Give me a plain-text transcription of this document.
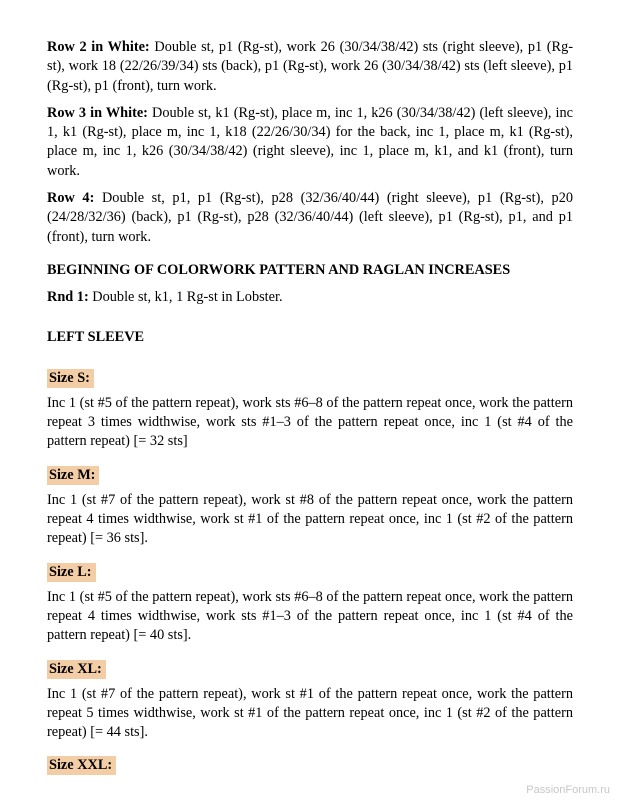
Row 2 in White: Double st, p1 (Rg-st), work 26 (30/34/38/42) sts (right sleeve), p1 (Rg-st), work 18 (22/26/39/34) sts (back), p1 (Rg-st), work 26 (30/34/38/42) sts (left sleeve), p1 (Rg-st), p1 (front), turn work.

Row 3 in White: Double st, k1 (Rg-st), place m, inc 1, k26 (30/34/38/42) (left sleeve), inc 1, k1 (Rg-st), place m, inc 1, k18 (22/26/30/34) for the back, inc 1, place m, k1 (Rg-st), place m, inc 1, k26 (30/34/38/42) (right sleeve), inc 1, place m, k1, and k1 (front), turn work.

Row 4: Double st, p1, p1 (Rg-st), p28 (32/36/40/44) (right sleeve), p1 (Rg-st), p20 (24/28/32/36) (back), p1 (Rg-st), p28 (32/36/40/44) (left sleeve), p1 (Rg-st), p1, and p1 (front), turn work.

BEGINNING OF COLORWORK PATTERN AND RAGLAN INCREASES

Rnd 1: Double st, k1, 1 Rg-st in Lobster.

LEFT SLEEVE
Size S:

Inc 1 (st #5 of the pattern repeat), work sts #6–8 of the pattern repeat once, work the pattern repeat 3 times widthwise, work sts #1–3 of the pattern repeat once, inc 1 (st #4 of the pattern repeat) [= 32 sts]

Size M:

Inc 1 (st #7 of the pattern repeat), work st #8 of the pattern repeat once, work the pattern repeat 4 times widthwise, work st #1 of the pattern repeat once, inc 1 (st #2 of the pattern repeat) [= 36 sts].

Size L:

Inc 1 (st #5 of the pattern repeat), work sts #6–8 of the pattern repeat once, work the pattern repeat 4 times widthwise, work sts #1–3 of the pattern repeat once, inc 1 (st #4 of the pattern repeat) [= 40 sts].

Size XL:

Inc 1 (st #7 of the pattern repeat), work st #1 of the pattern repeat once, work the pattern repeat 5 times widthwise, work st #1 of the pattern repeat once, inc 1 (st #2 of the pattern repeat) [= 44 sts].

Size XXL:

PassionForum.ru
